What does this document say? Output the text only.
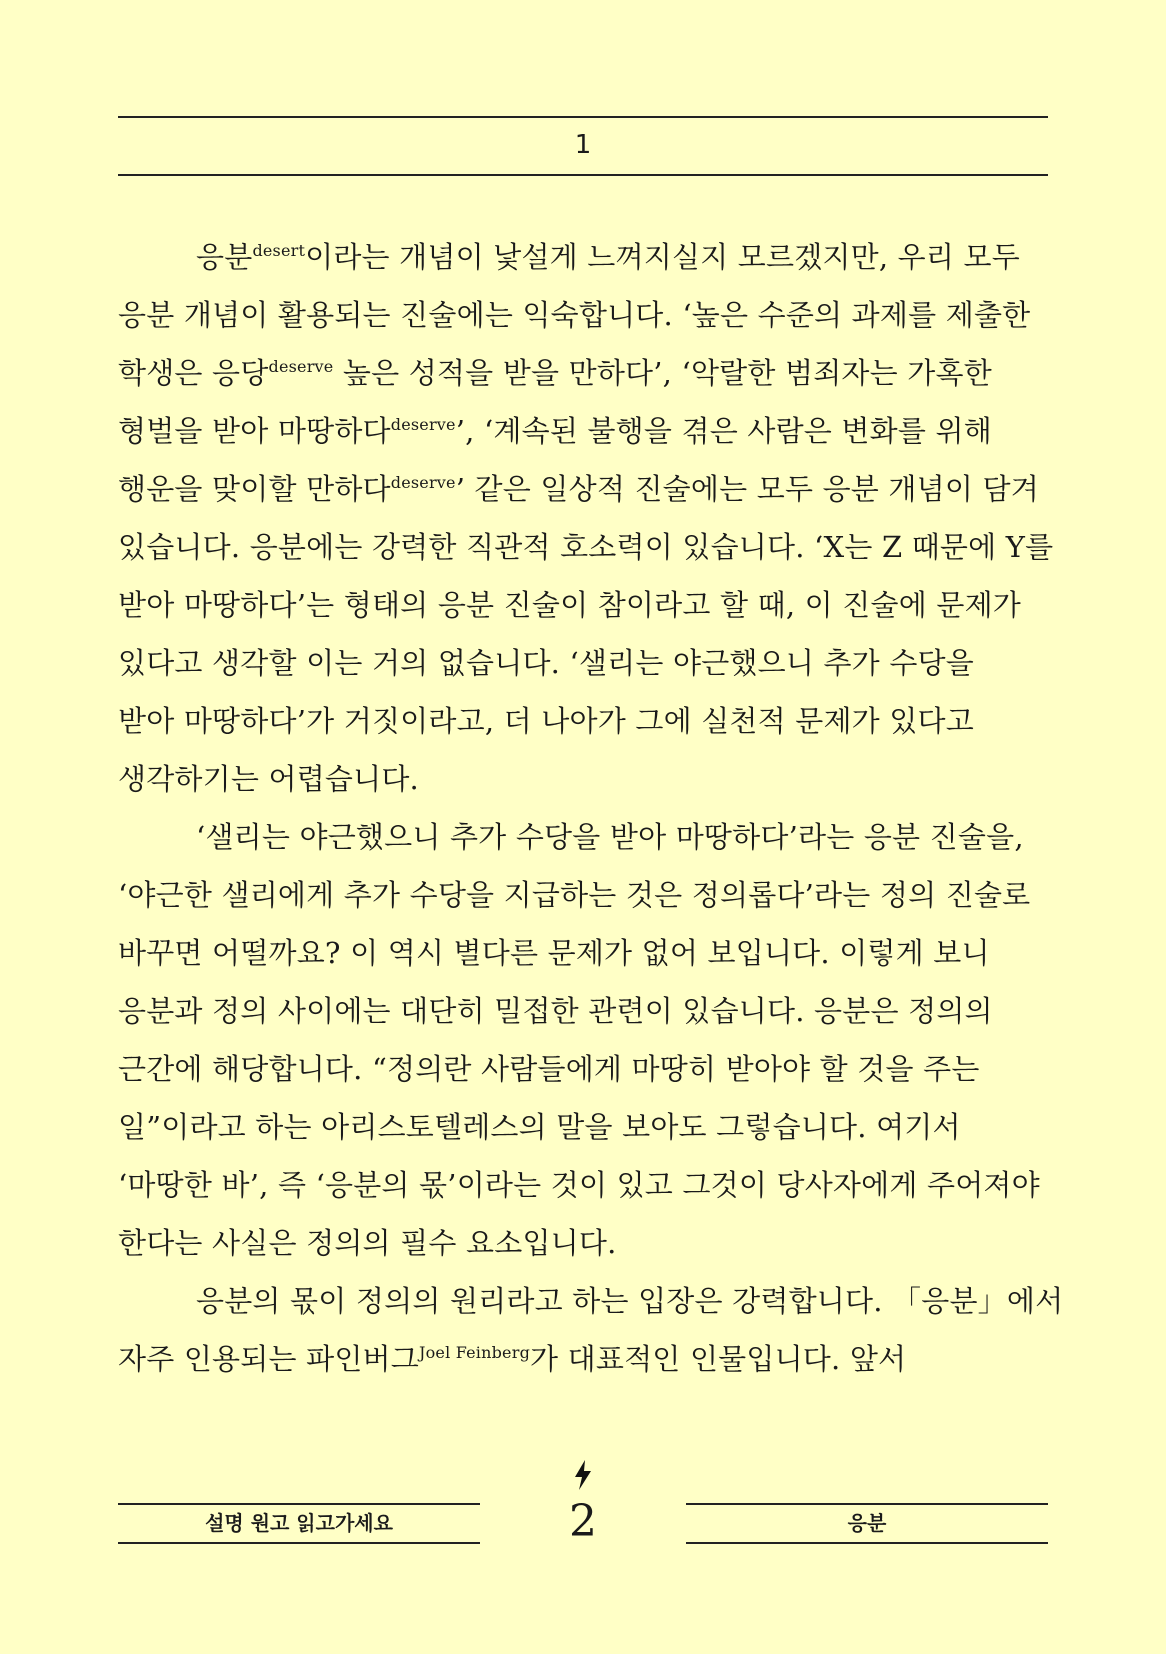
1
응분$^{desert}$이라는 개념이 낯설게 느껴지실지 모르겠지만, 우리 모두
응분 개념이 활용되는 진술에는 익숙합니다. ‘높은 수준의 과제를 제출한
학생은 응당$^{deserve}$ 높은 성적을 받을 만하다’, ‘악랄한 범죄자는 가혹한
형벌을 받아 마땅하다$^{deserve}$’, ‘계속된 불행을 겪은 사람은 변화를 위해
행운을 맞이할 만하다$^{deserve}$’ 같은 일상적 진술에는 모두 응분 개념이 담겨
있습니다. 응분에는 강력한 직관적 호소력이 있습니다. ‘X는 Z 때문에 Y를
받아 마땅하다’는 형태의 응분 진술이 참이라고 할 때, 이 진술에 문제가
있다고 생각할 이는 거의 없습니다. ‘샐리는 야근했으니 추가 수당을
받아 마땅하다’가 거짓이라고, 더 나아가 그에 실천적 문제가 있다고
생각하기는 어렵습니다.
‘샐리는 야근했으니 추가 수당을 받아 마땅하다’라는 응분 진술을,
‘야근한 샐리에게 추가 수당을 지급하는 것은 정의롭다’라는 정의 진술로
바꾸면 어떨까요? 이 역시 별다른 문제가 없어 보입니다. 이렇게 보니
응분과 정의 사이에는 대단히 밀접한 관련이 있습니다. 응분은 정의의
근간에 해당합니다. “정의란 사람들에게 마땅히 받아야 할 것을 주는
일”이라고 하는 아리스토텔레스의 말을 보아도 그렇습니다. 여기서
‘마땅한 바’, 즉 ‘응분의 몫’이라는 것이 있고 그것이 당사자에게 주어져야
한다는 사실은 정의의 필수 요소입니다.
응분의 몫이 정의의 원리라고 하는 입장은 강력합니다. 「응분」에서
자주 인용되는 파인버그$^{Joel Feinberg}$가 대표적인 인물입니다. 앞서
설명 원고 읽고가세요	2	응분
